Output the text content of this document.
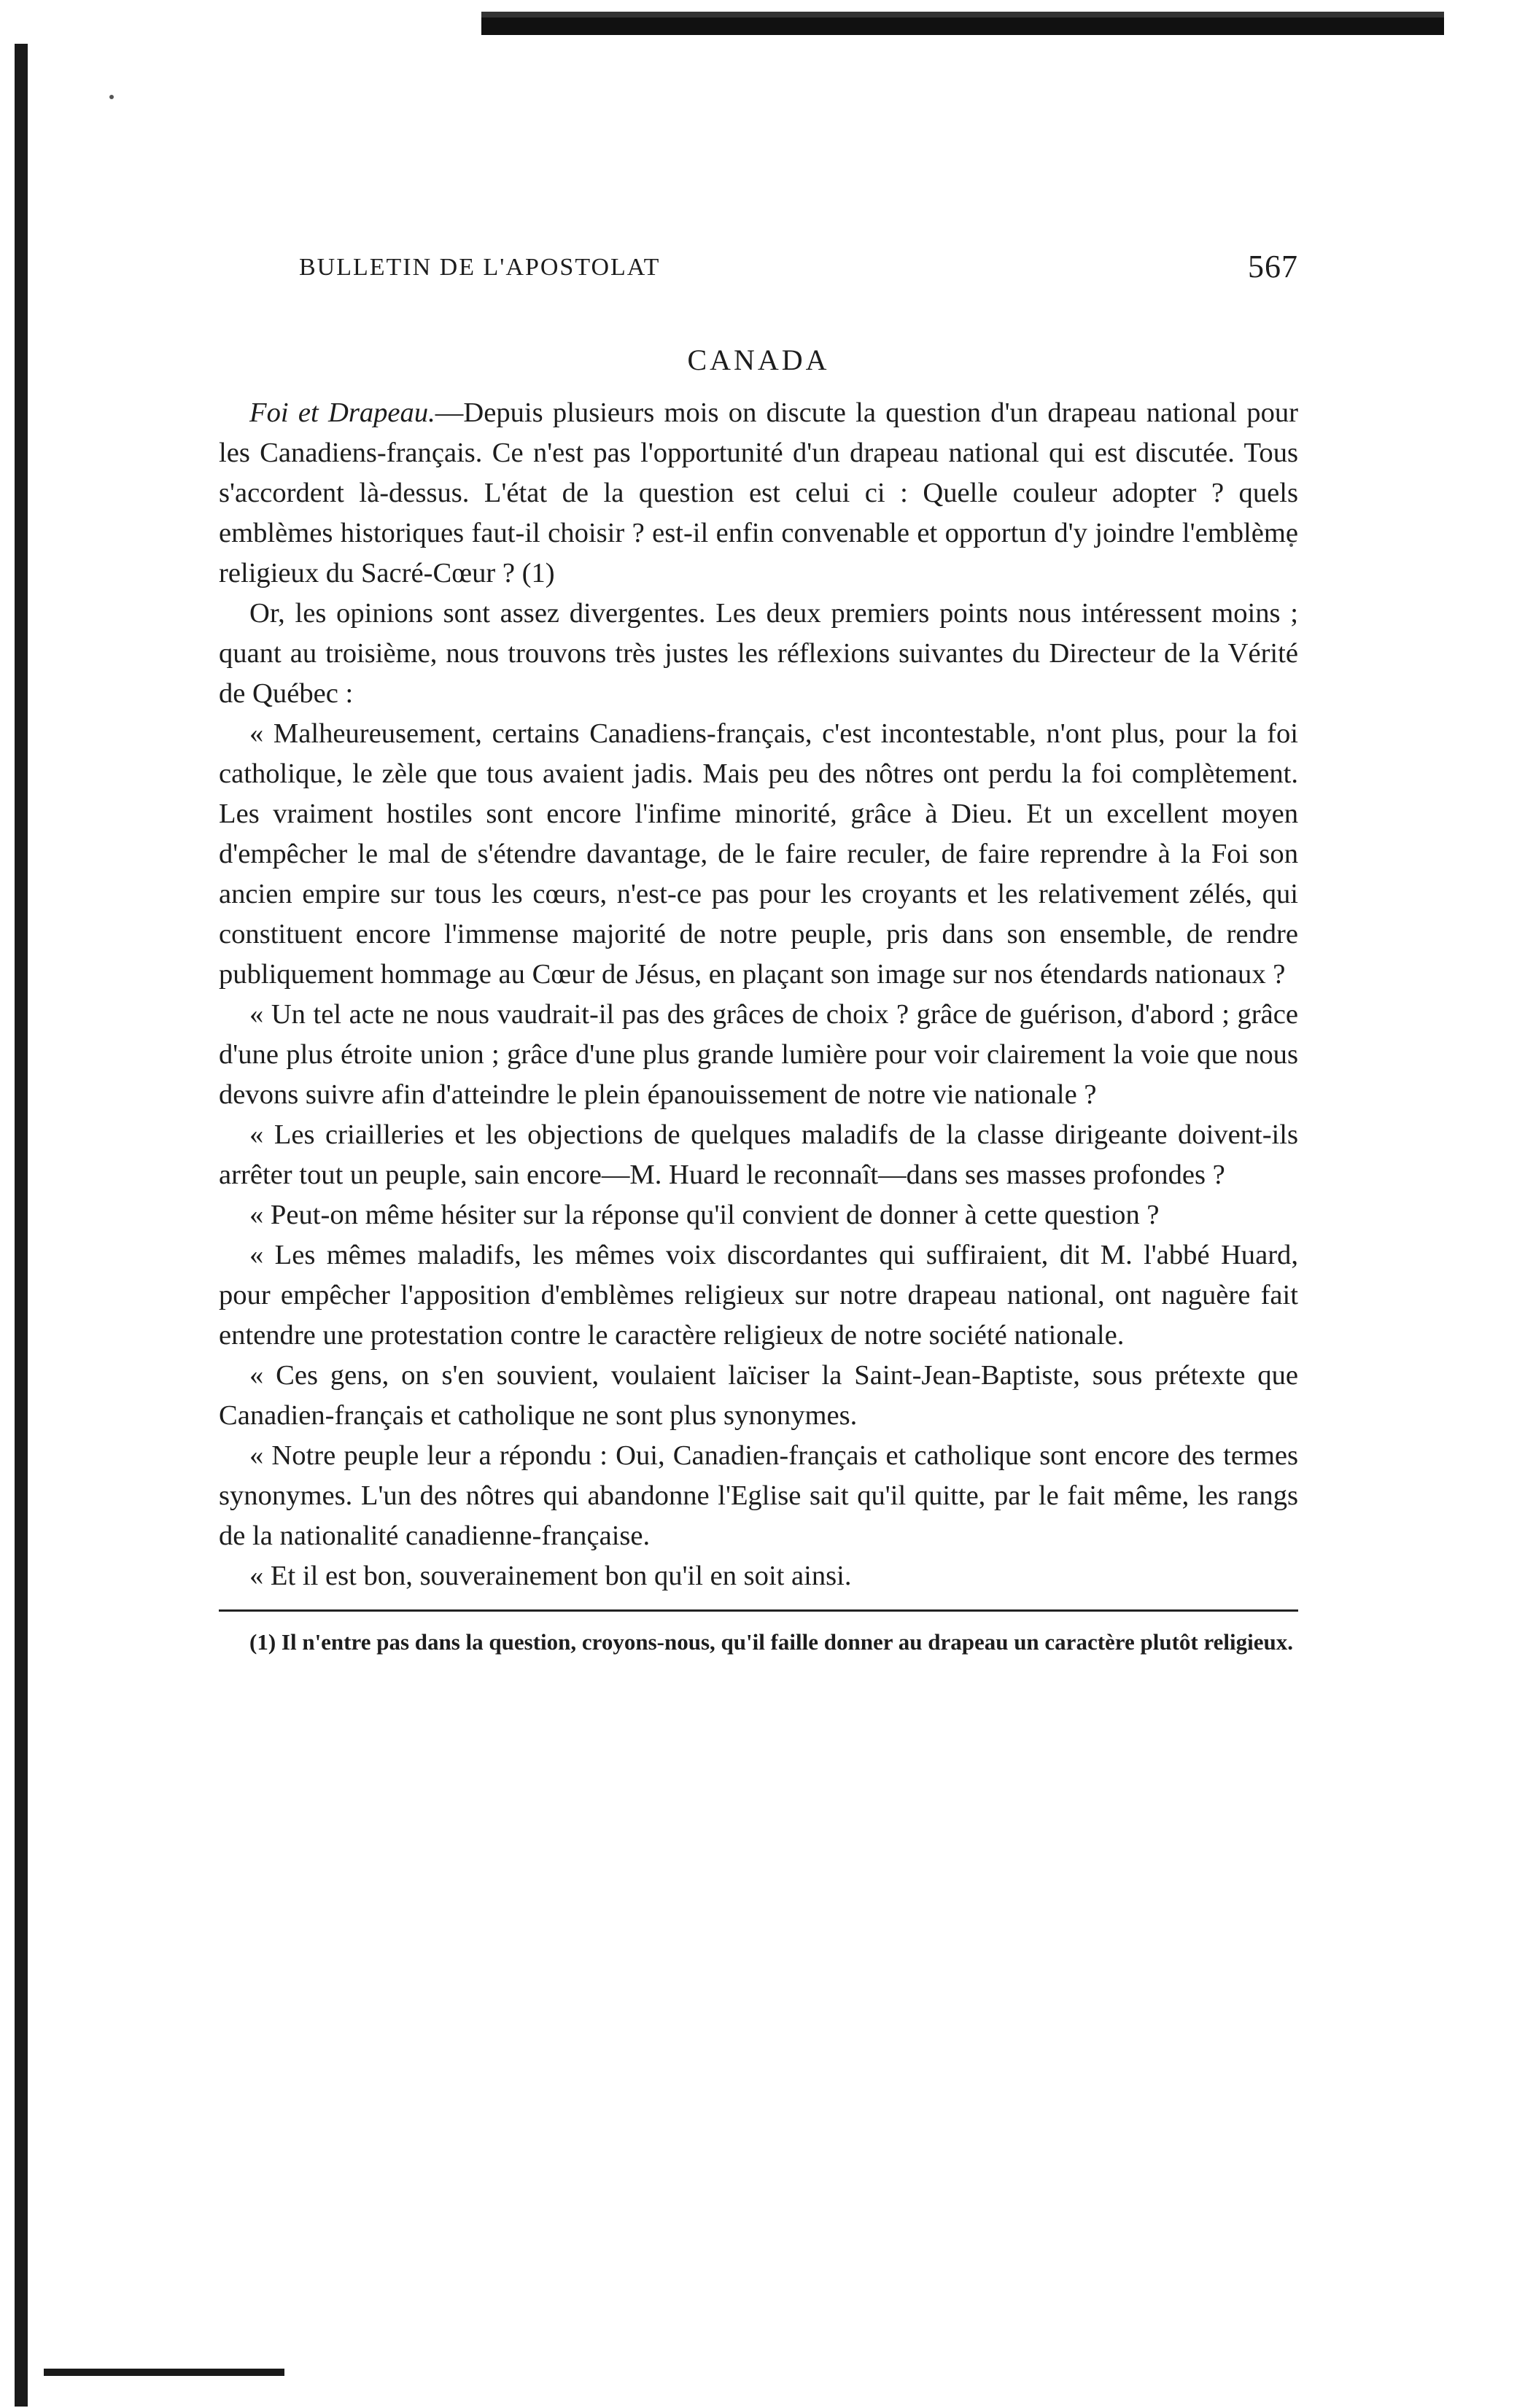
BULLETIN DE L'APOSTOLAT	567
CANADA

Foi et Drapeau.—Depuis plusieurs mois on discute la question d'un drapeau national pour les Canadiens-français. Ce n'est pas l'opportunité d'un drapeau national qui est discutée. Tous s'accordent là-dessus. L'état de la question est celui ci : Quelle couleur adopter ? quels emblèmes historiques faut-il choisir ? est-il enfin convenable et opportun d'y joindre l'emblème religieux du Sacré-Cœur ? (1)

Or, les opinions sont assez divergentes. Les deux premiers points nous intéressent moins ; quant au troisième, nous trouvons très justes les réflexions suivantes du Directeur de la Vérité de Québec :

« Malheureusement, certains Canadiens-français, c'est incontestable, n'ont plus, pour la foi catholique, le zèle que tous avaient jadis. Mais peu des nôtres ont perdu la foi complètement. Les vraiment hostiles sont encore l'infime minorité, grâce à Dieu. Et un excellent moyen d'empêcher le mal de s'étendre davantage, de le faire reculer, de faire reprendre à la Foi son ancien empire sur tous les cœurs, n'est-ce pas pour les croyants et les relativement zélés, qui constituent encore l'immense majorité de notre peuple, pris dans son ensemble, de rendre publiquement hommage au Cœur de Jésus, en plaçant son image sur nos étendards nationaux ?

« Un tel acte ne nous vaudrait-il pas des grâces de choix ? grâce de guérison, d'abord ; grâce d'une plus étroite union ; grâce d'une plus grande lumière pour voir clairement la voie que nous devons suivre afin d'atteindre le plein épanouissement de notre vie nationale ?

« Les criailleries et les objections de quelques maladifs de la classe dirigeante doivent-ils arrêter tout un peuple, sain encore—M. Huard le reconnaît—dans ses masses profondes ?

« Peut-on même hésiter sur la réponse qu'il convient de donner à cette question ?

« Les mêmes maladifs, les mêmes voix discordantes qui suffiraient, dit M. l'abbé Huard, pour empêcher l'apposition d'emblèmes religieux sur notre drapeau national, ont naguère fait entendre une protestation contre le caractère religieux de notre société nationale.

« Ces gens, on s'en souvient, voulaient laïciser la Saint-Jean-Baptiste, sous prétexte que Canadien-français et catholique ne sont plus synonymes.

« Notre peuple leur a répondu : Oui, Canadien-français et catholique sont encore des termes synonymes. L'un des nôtres qui abandonne l'Eglise sait qu'il quitte, par le fait même, les rangs de la nationalité canadienne-française.

« Et il est bon, souverainement bon qu'il en soit ainsi.

(1) Il n'entre pas dans la question, croyons-nous, qu'il faille donner au drapeau un caractère plutôt religieux.
